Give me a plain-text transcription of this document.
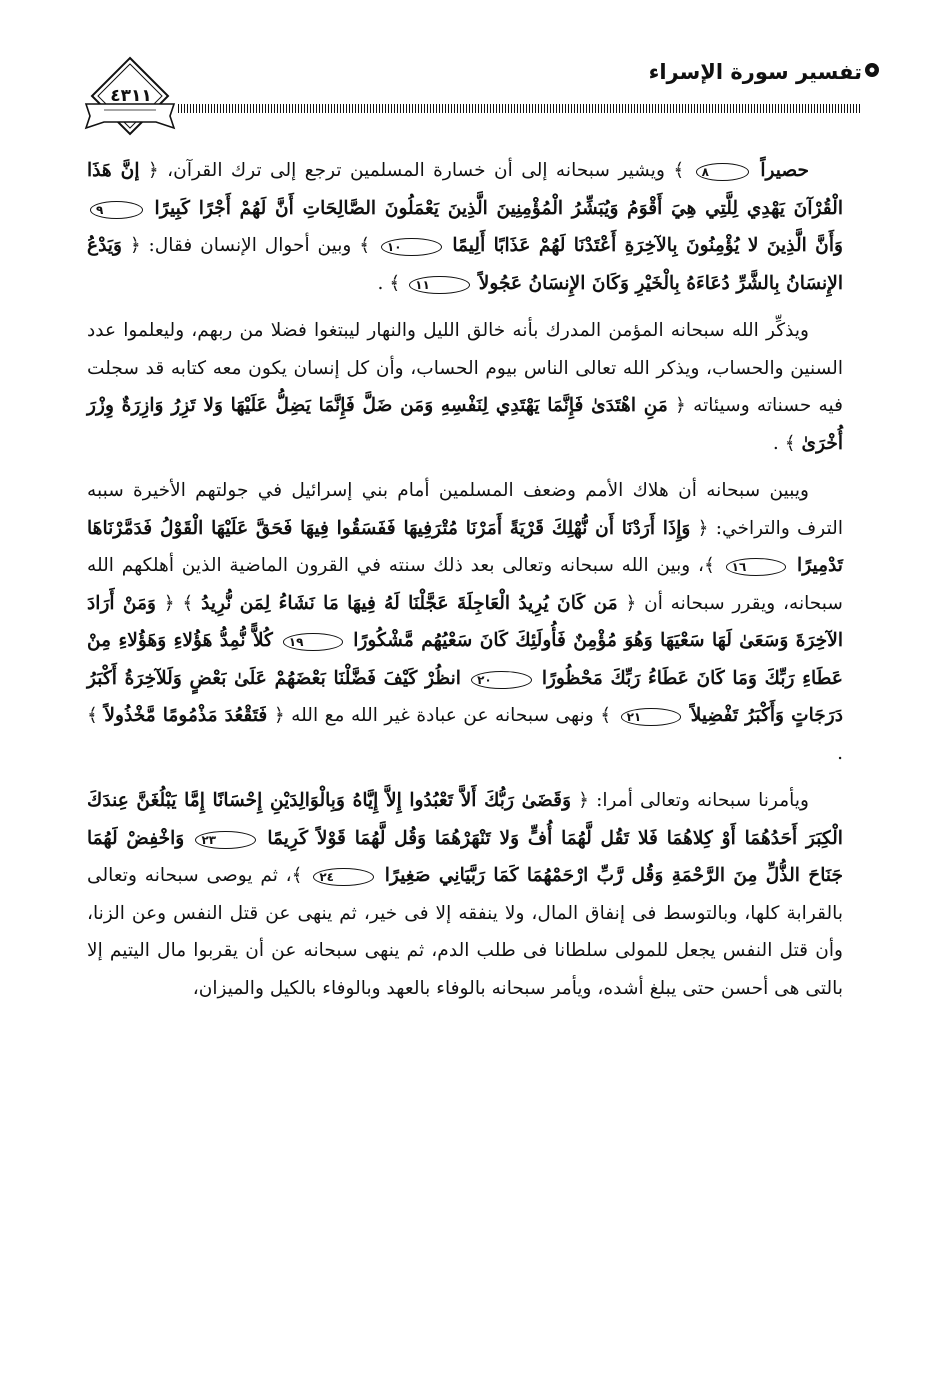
٤٣١١
تفسير سورة الإسراء

حصيراً ٨ ﴾ ويشير سبحانه إلى أن خسارة المسلمين ترجع إلى ترك القرآن، ﴿ إنَّ هَذَا الْقُرْآنَ يَهْدِي لِلَّتِي هِيَ أَقْوَمُ وَيُبَشِّرُ الْمُؤْمِنِينَ الَّذِينَ يَعْمَلُونَ الصَّالِحَاتِ أَنَّ لَهُمْ أَجْرًا كَبِيرًا ٩ وَأَنَّ الَّذِينَ لا يُؤْمِنُونَ بِالآخِرَةِ أَعْتَدْنَا لَهُمْ عَذَابًا أَلِيمًا ١٠ ﴾ وبين أحوال الإنسان فقال: ﴿ وَيَدْعُ الإِنسَانُ بِالشَّرِّ دُعَاءَهُ بِالْخَيْرِ وَكَانَ الإِنسَانُ عَجُولاً ١١ ﴾ .

ويذكِّر الله سبحانه المؤمن المدرك بأنه خالق الليل والنهار ليبتغوا فضلا من ربهم، وليعلموا عدد السنين والحساب، ويذكر الله تعالى الناس بيوم الحساب، وأن كل إنسان يكون معه كتابه قد سجلت فيه حسناته وسيئاته ﴿ مَنِ اهْتَدَىٰ فَإِنَّمَا يَهْتَدِي لِنَفْسِهِ وَمَن ضَلَّ فَإِنَّمَا يَضِلُّ عَلَيْهَا وَلا تَزِرُ وَازِرَةٌ وِزْرَ أُخْرَىٰ ﴾ .

ويبين سبحانه أن هلاك الأمم وضعف المسلمين أمام بني إسرائيل في جولتهم الأخيرة سببه الترف والتراخي: ﴿ وَإِذَا أَرَدْنَا أَن نُّهْلِكَ قَرْيَةً أَمَرْنَا مُتْرَفِيهَا فَفَسَقُوا فِيهَا فَحَقَّ عَلَيْهَا الْقَوْلُ فَدَمَّرْنَاهَا تَدْمِيرًا ١٦ ﴾، وبين الله سبحانه وتعالى بعد ذلك سنته في القرون الماضية الذين أهلكهم الله سبحانه، ويقرر سبحانه أن ﴿ مَن كَانَ يُرِيدُ الْعَاجِلَةَ عَجَّلْنَا لَهُ فِيهَا مَا نَشَاءُ لِمَن نُّرِيدُ ﴾ ﴿ وَمَنْ أَرَادَ الآخِرَةَ وَسَعَىٰ لَهَا سَعْيَهَا وَهُوَ مُؤْمِنٌ فَأُولَئِكَ كَانَ سَعْيُهُم مَّشْكُورًا ١٩ كُلاًّ نُّمِدُّ هَؤُلاءِ وَهَؤُلاءِ مِنْ عَطَاءِ رَبِّكَ وَمَا كَانَ عَطَاءُ رَبِّكَ مَحْظُورًا ٢٠ انظُرْ كَيْفَ فَضَّلْنَا بَعْضَهُمْ عَلَىٰ بَعْضٍ وَلَلآخِرَةُ أَكْبَرُ دَرَجَاتٍ وَأَكْبَرُ تَفْضِيلاً ٢١ ﴾ ونهى سبحانه عن عبادة غير الله مع الله ﴿ فَتَقْعُدَ مَذْمُومًا مَّخْذُولاً ﴾ .

ويأمرنا سبحانه وتعالى أمرا: ﴿ وَقَضَىٰ رَبُّكَ أَلاَّ تَعْبُدُوا إِلاَّ إِيَّاهُ وَبِالْوَالِدَيْنِ إِحْسَانًا إِمَّا يَبْلُغَنَّ عِندَكَ الْكِبَرَ أَحَدُهُمَا أَوْ كِلاهُمَا فَلا تَقُل لَّهُمَا أُفٍّ وَلا تَنْهَرْهُمَا وَقُل لَّهُمَا قَوْلاً كَرِيمًا ٢٣ وَاخْفِضْ لَهُمَا جَنَاحَ الذُّلِّ مِنَ الرَّحْمَةِ وَقُل رَّبِّ ارْحَمْهُمَا كَمَا رَبَّيَانِي صَغِيرًا ٢٤ ﴾، ثم يوصى سبحانه وتعالى بالقرابة كلها، وبالتوسط فى إنفاق المال، ولا ينفقه إلا فى خير، ثم ينهى عن قتل النفس وعن الزنا، وأن قتل النفس يجعل للمولى سلطانا فى طلب الدم، ثم ينهى سبحانه عن أن يقربوا مال اليتيم إلا بالتى هى أحسن حتى يبلغ أشده، ويأمر سبحانه بالوفاء بالعهد وبالوفاء بالكيل والميزان،
